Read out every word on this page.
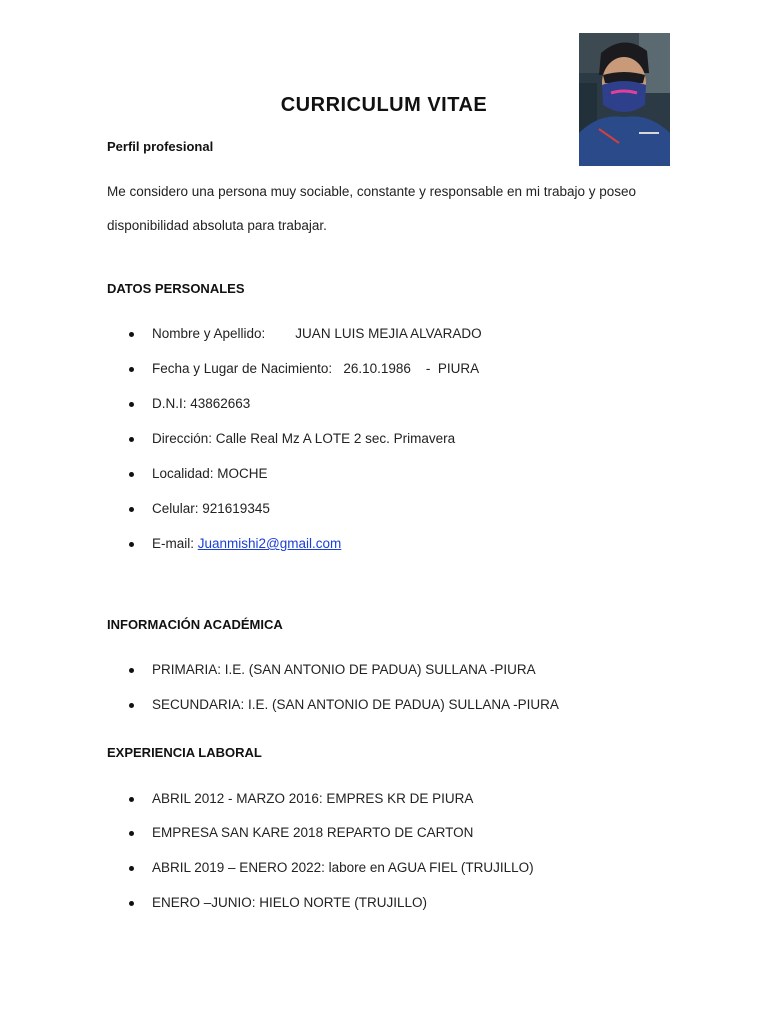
CURRICULUM VITAE
Perfil profesional
Me considero una persona muy sociable, constante y responsable en mi trabajo y poseo
disponibilidad absoluta para trabajar.
DATOS PERSONALES
Nombre y Apellido:        JUAN LUIS MEJIA ALVARADO
Fecha y Lugar de Nacimiento:   26.10.1986    -  PIURA
D.N.I: 43862663
Dirección: Calle Real Mz A LOTE 2 sec. Primavera
Localidad: MOCHE
Celular: 921619345
E-mail: Juanmishi2@gmail.com
INFORMACIÓN ACADÉMICA
PRIMARIA: I.E. (SAN ANTONIO DE PADUA) SULLANA -PIURA
SECUNDARIA: I.E. (SAN ANTONIO DE PADUA) SULLANA -PIURA
EXPERIENCIA LABORAL
ABRIL 2012 - MARZO 2016: EMPRES KR DE PIURA
EMPRESA SAN KARE 2018 REPARTO DE CARTON
ABRIL 2019 – ENERO 2022: labore en AGUA FIEL (TRUJILLO)
ENERO –JUNIO: HIELO NORTE (TRUJILLO)
